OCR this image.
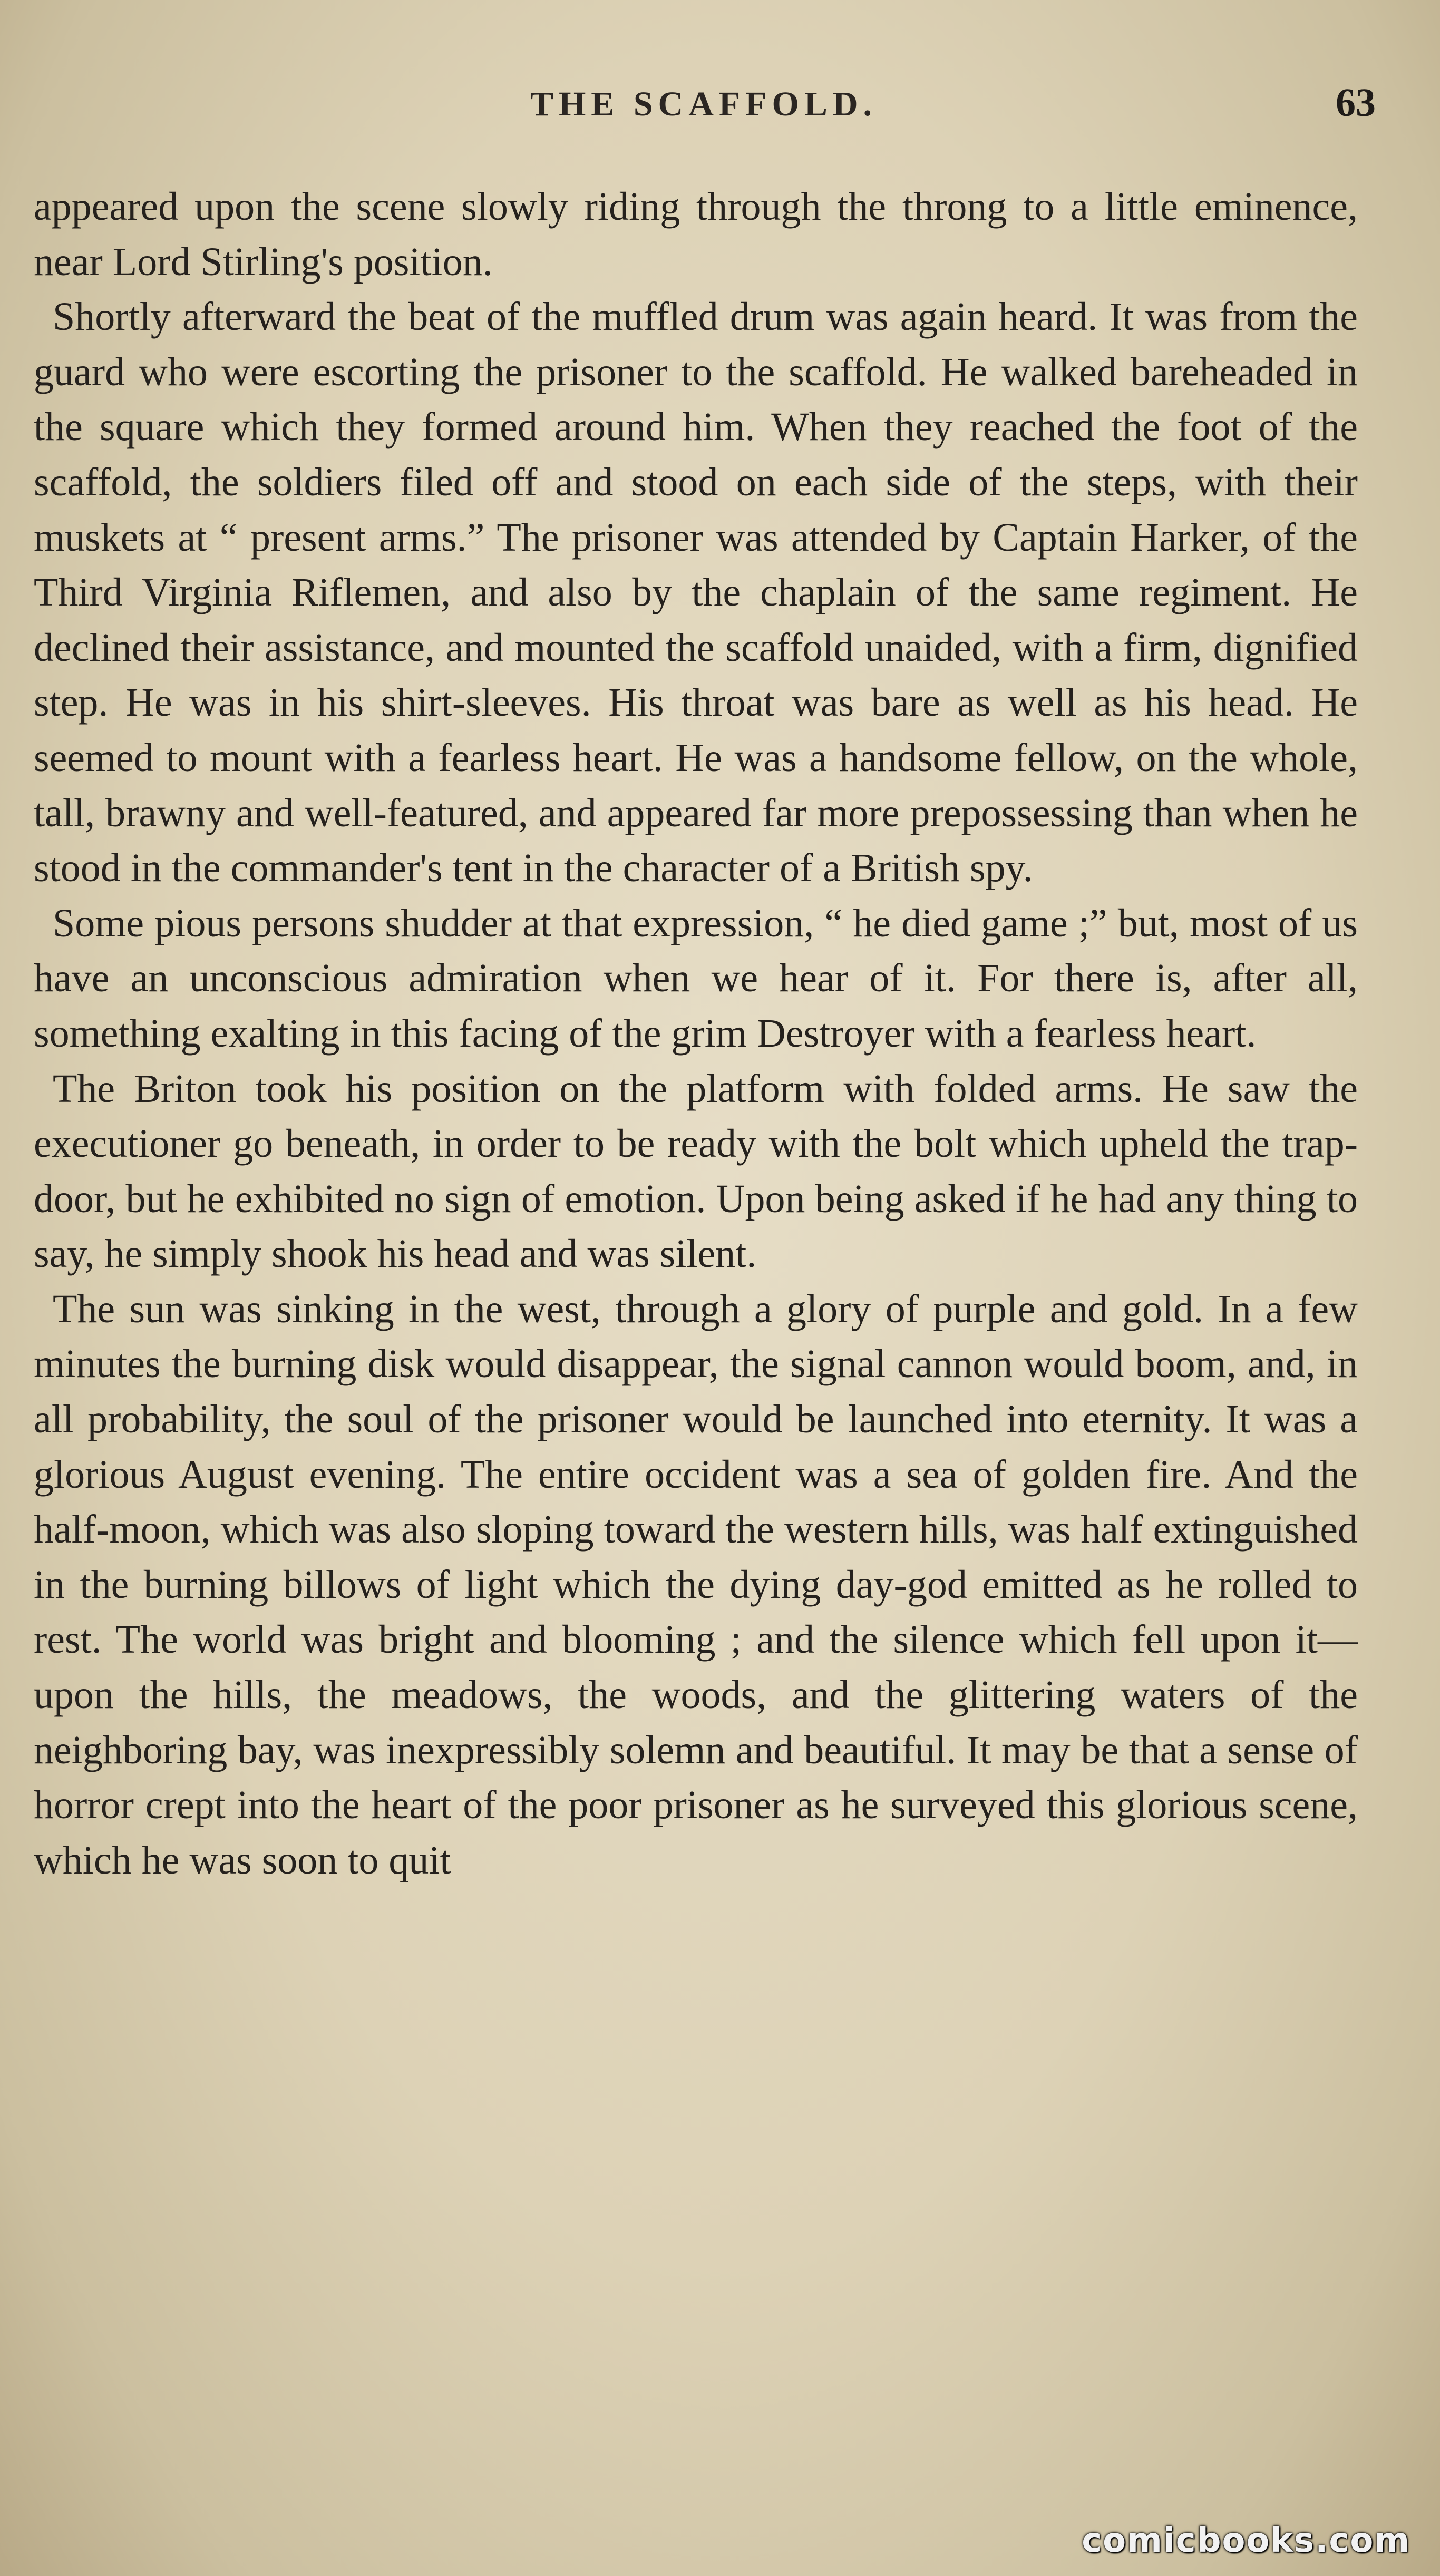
THE SCAFFOLD.	63

appeared upon the scene slowly riding through the throng to a little eminence, near Lord Stirling's position.

Shortly afterward the beat of the muffled drum was again heard. It was from the guard who were escorting the prisoner to the scaffold. He walked bareheaded in the square which they formed around him. When they reached the foot of the scaffold, the soldiers filed off and stood on each side of the steps, with their muskets at “ present arms.” The prisoner was attended by Captain Harker, of the Third Virginia Riflemen, and also by the chaplain of the same regiment. He declined their assistance, and mounted the scaffold unaided, with a firm, dignified step. He was in his shirt-sleeves. His throat was bare as well as his head. He seemed to mount with a fearless heart. He was a handsome fellow, on the whole, tall, brawny and well-featured, and appeared far more prepossessing than when he stood in the commander's tent in the character of a British spy.

Some pious persons shudder at that expression, “ he died game ;” but, most of us have an unconscious admiration when we hear of it. For there is, after all, something exalting in this facing of the grim Destroyer with a fearless heart.

The Briton took his position on the platform with folded arms. He saw the executioner go beneath, in order to be ready with the bolt which upheld the trap-door, but he exhibited no sign of emotion. Upon being asked if he had any thing to say, he simply shook his head and was silent.

The sun was sinking in the west, through a glory of purple and gold. In a few minutes the burning disk would disappear, the signal cannon would boom, and, in all probability, the soul of the prisoner would be launched into eternity. It was a glorious August evening. The entire occident was a sea of golden fire. And the half-moon, which was also sloping toward the western hills, was half extinguished in the burning billows of light which the dying day-god emitted as he rolled to rest. The world was bright and blooming ; and the silence which fell upon it—upon the hills, the meadows, the woods, and the glittering waters of the neighboring bay, was inexpressibly solemn and beautiful. It may be that a sense of horror crept into the heart of the poor prisoner as he surveyed this glorious scene, which he was soon to quit

comicbooks.com
